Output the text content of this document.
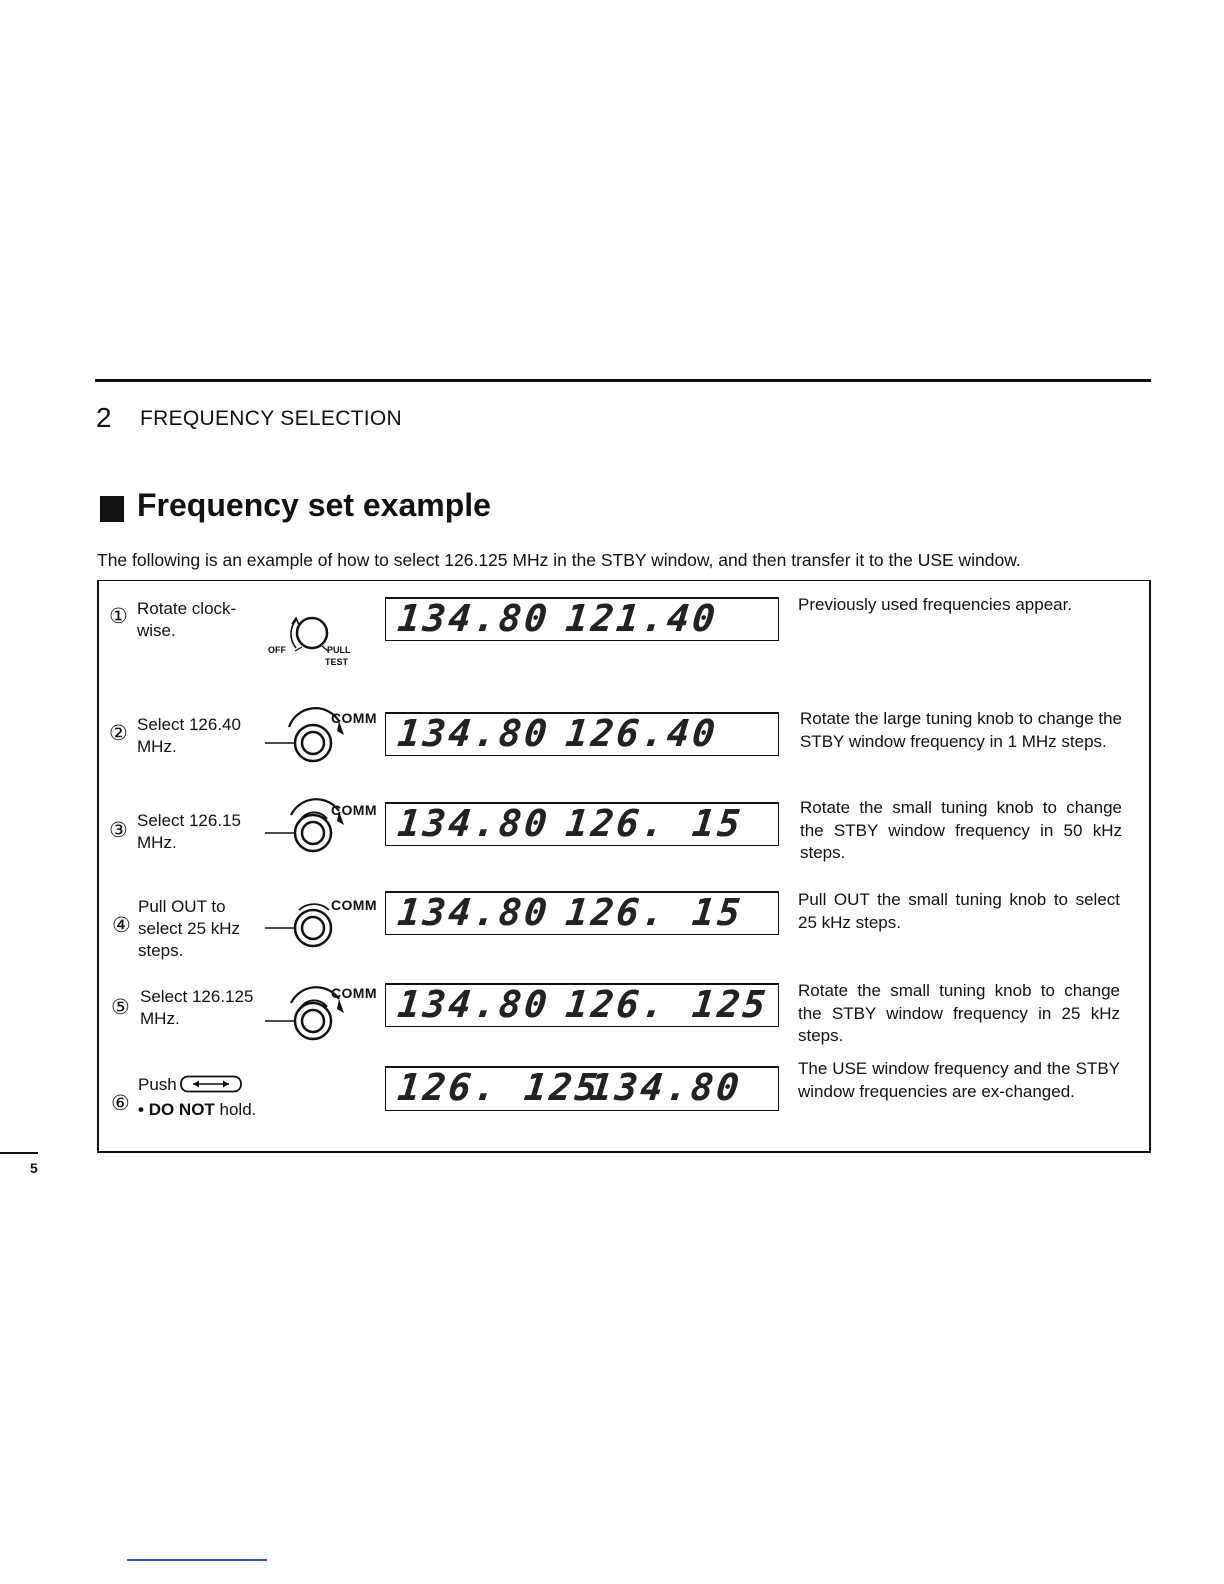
2 FREQUENCY SELECTION
Frequency set example
The following is an example of how to select 126.125 MHz in the STBY window, and then transfer it to the USE window.
① Rotate clock-
wise.
OFF	PULL
TEST
134.80 121.40	Previously used frequencies appear.
② Select 126.40
MHz.
COMM 134.80 126.40	Rotate the large tuning knob to change the STBY window frequency in 1 MHz steps.
③ Select 126.15
MHz.
COMM 134.80 126. 15	Rotate the small tuning knob to change the STBY window frequency in 50 kHz steps.
④
Pull OUT to
select 25 kHz
steps.
COMM 134.80 126. 15	Pull OUT the small tuning knob to select 25 kHz steps.
⑤ Select 126.125
MHz.
COMM 134.80 126. 125 Rotate the small tuning knob to change the STBY window frequency in 25 kHz steps.
⑥
Push
• DO NOT hold.
126. 125
134.80	The USE window frequency and the STBY window frequencies are ex-changed.
5
